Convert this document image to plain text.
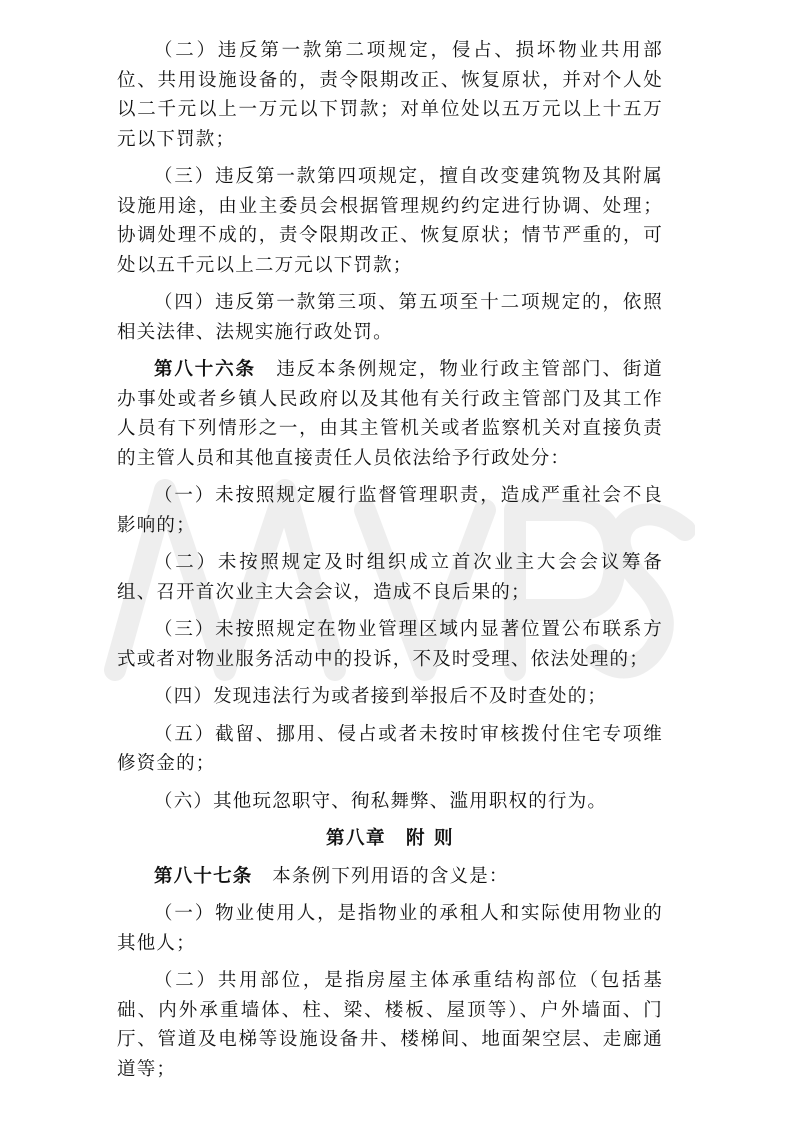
（二）违反第一款第二项规定，侵占、损坏物业共用部位、共用设施设备的，责令限期改正、恢复原状，并对个人处以二千元以上一万元以下罚款；对单位处以五万元以上十五万元以下罚款；

（三）违反第一款第四项规定，擅自改变建筑物及其附属设施用途，由业主委员会根据管理规约约定进行协调、处理；协调处理不成的，责令限期改正、恢复原状；情节严重的，可处以五千元以上二万元以下罚款；

（四）违反第一款第三项、第五项至十二项规定的，依照相关法律、法规实施行政处罚。

第八十六条　 违反本条例规定，物业行政主管部门、街道办事处或者乡镇人民政府以及其他有关行政主管部门及其工作人员有下列情形之一，由其主管机关或者监察机关对直接负责的主管人员和其他直接责任人员依法给予行政处分：

（一）未按照规定履行监督管理职责，造成严重社会不良影响的；

（二）未按照规定及时组织成立首次业主大会会议筹备组、召开首次业主大会会议，造成不良后果的；

（三）未按照规定在物业管理区域内显著位置公布联系方式或者对物业服务活动中的投诉，不及时受理、依法处理的；

（四）发现违法行为或者接到举报后不及时查处的；

（五）截留、挪用、侵占或者未按时审核拨付住宅专项维修资金的；

（六）其他玩忽职守、徇私舞弊、滥用职权的行为。

第八章　附 则

第八十七条　 本条例下列用语的含义是：

（一）物业使用人，是指物业的承租人和实际使用物业的其他人；

（二）共用部位，是指房屋主体承重结构部位（包括基础、内外承重墙体、柱、梁、楼板、屋顶等）、户外墙面、门厅、管道及电梯等设施设备井、楼梯间、地面架空层、走廊通道等；
